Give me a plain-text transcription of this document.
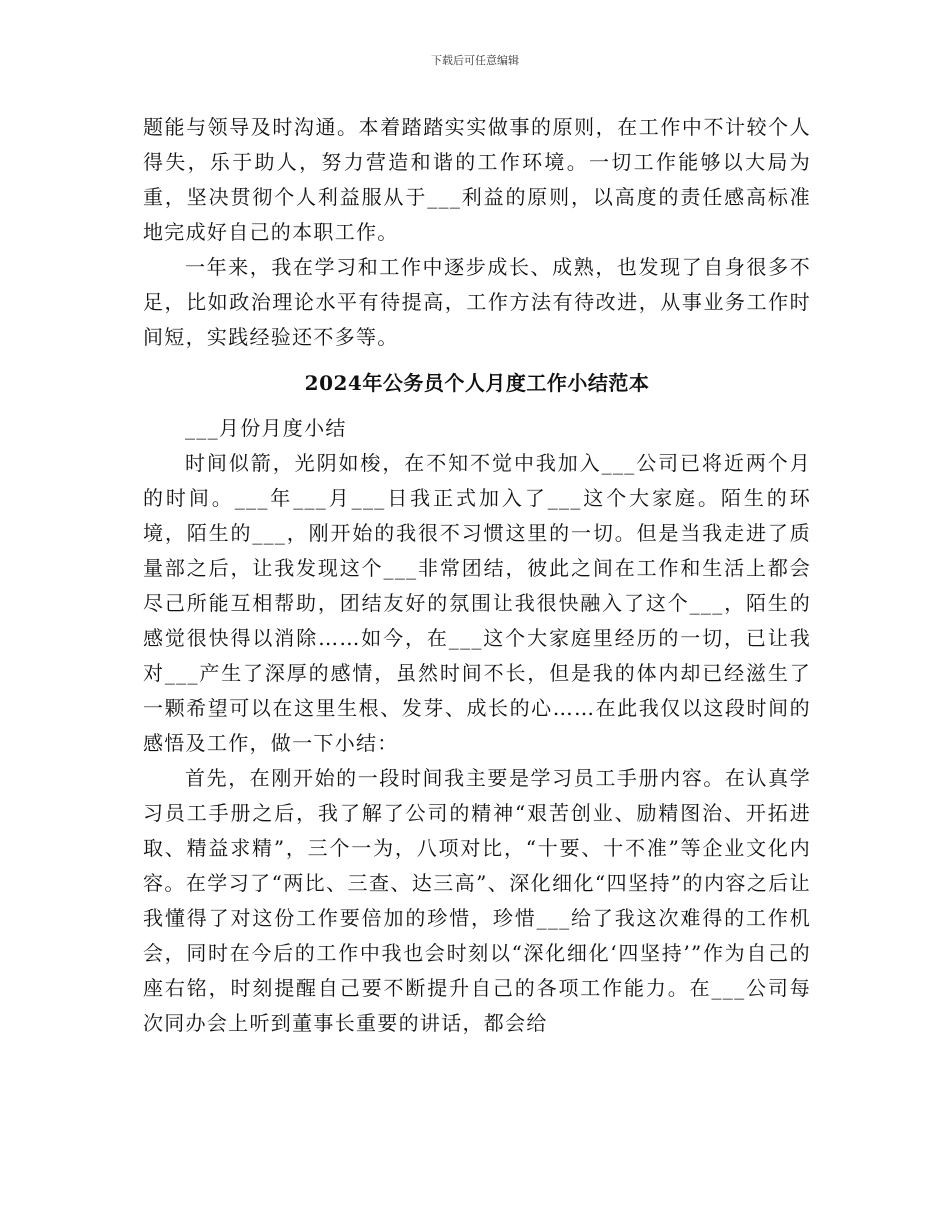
下载后可任意编辑

题能与领导及时沟通。本着踏踏实实做事的原则，在工作中不计较个人得失，乐于助人，努力营造和谐的工作环境。一切工作能够以大局为重，坚决贯彻个人利益服从于___利益的原则，以高度的责任感高标准地完成好自己的本职工作。

一年来，我在学习和工作中逐步成长、成熟，也发现了自身很多不足，比如政治理论水平有待提高，工作方法有待改进，从事业务工作时间短，实践经验还不多等。

2024年公务员个人月度工作小结范本

___月份月度小结

时间似箭，光阴如梭，在不知不觉中我加入___公司已将近两个月的时间。___年___月___日我正式加入了___这个大家庭。陌生的环境，陌生的___，刚开始的我很不习惯这里的一切。但是当我走进了质量部之后，让我发现这个___非常团结，彼此之间在工作和生活上都会尽己所能互相帮助，团结友好的氛围让我很快融入了这个___，陌生的感觉很快得以消除……如今，在___这个大家庭里经历的一切，已让我对___产生了深厚的感情，虽然时间不长，但是我的体内却已经滋生了一颗希望可以在这里生根、发芽、成长的心……在此我仅以这段时间的感悟及工作，做一下小结：

首先，在刚开始的一段时间我主要是学习员工手册内容。在认真学习员工手册之后，我了解了公司的精神“艰苦创业、励精图治、开拓进取、精益求精”，三个一为，八项对比，“十要、十不准”等企业文化内容。在学习了“两比、三查、达三高”、深化细化“四坚持”的内容之后让我懂得了对这份工作要倍加的珍惜，珍惜___给了我这次难得的工作机会，同时在今后的工作中我也会时刻以“深化细化‘四坚持’”作为自己的座右铭，时刻提醒自己要不断提升自己的各项工作能力。在___公司每次同办会上听到董事长重要的讲话，都会给
